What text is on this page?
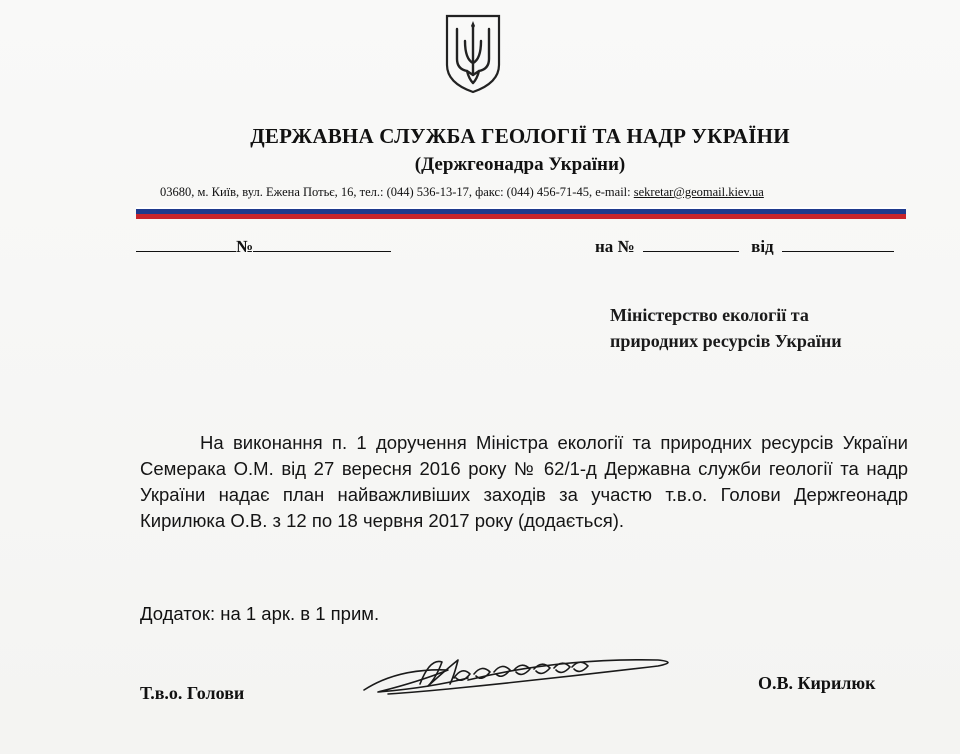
ДЕРЖАВНА СЛУЖБА ГЕОЛОГІЇ ТА НАДР УКРАЇНИ
(Держгеонадра України)
03680, м. Київ, вул. Ежена Потьє, 16, тел.: (044) 536-13-17, факс: (044) 456-71-45, e-mail: sekretar@geomail.kiev.ua
№	на №	від
Міністерство екології та
природних ресурсів України
На виконання п. 1 доручення Міністра екології та природних ресурсів України Семерака О.М. від 27 вересня 2016 року № 62/1-д Державна служби геології та надр України надає план найважливіших заходів за участю т.в.о. Голови Держгеонадр Кирилюка О.В. з 12 по 18 червня 2017 року (додається).
Додаток: на 1 арк. в 1 прим.
Т.в.о. Голови	О.В. Кирилюк
